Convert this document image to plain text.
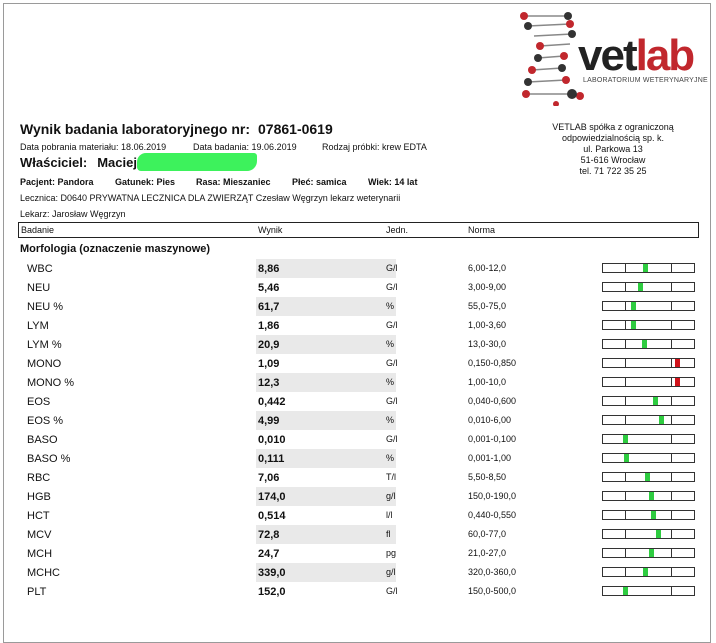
vetlab
LABORATORIUM WETERYNARYJNE
Wynik badania laboratoryjnego nr: 07861-0619
Data pobrania materiału: 18.06.2019	Data badania: 19.06.2019	Rodzaj próbki: krew EDTA
Właściciel: Maciej
Pacjent: Pandora Gatunek: Pies Rasa: Mieszaniec Płeć: samica Wiek: 14 lat
Lecznica: D0640 PRYWATNA LECZNICA DLA ZWIERZĄT Czesław Węgrzyn lekarz weterynarii
Lekarz: Jarosław Węgrzyn
VETLAB spółka z ograniczoną
odpowiedzialnością sp. k.
ul. Parkowa 13
51-616 Wrocław
tel. 71 722 35 25
Badanie	Wynik	Jedn.	Norma
Morfologia (oznaczenie maszynowe)
WBC	8,86	G/l	6,00-12,0
NEU	5,46	G/l	3,00-9,00
NEU %	61,7	%	55,0-75,0
LYM	1,86	G/l	1,00-3,60
LYM %	20,9	%	13,0-30,0
MONO	1,09	G/l	0,150-0,850
MONO %	12,3	%	1,00-10,0
EOS	0,442	G/l	0,040-0,600
EOS %	4,99	%	0,010-6,00
BASO	0,010	G/l	0,001-0,100
BASO %	0,111	%	0,001-1,00
RBC	7,06	T/l	5,50-8,50
HGB	174,0	g/l	150,0-190,0
HCT	0,514	l/l	0,440-0,550
MCV	72,8	fl	60,0-77,0
MCH	24,7	pg	21,0-27,0
MCHC	339,0	g/l	320,0-360,0
PLT	152,0	G/l	150,0-500,0
